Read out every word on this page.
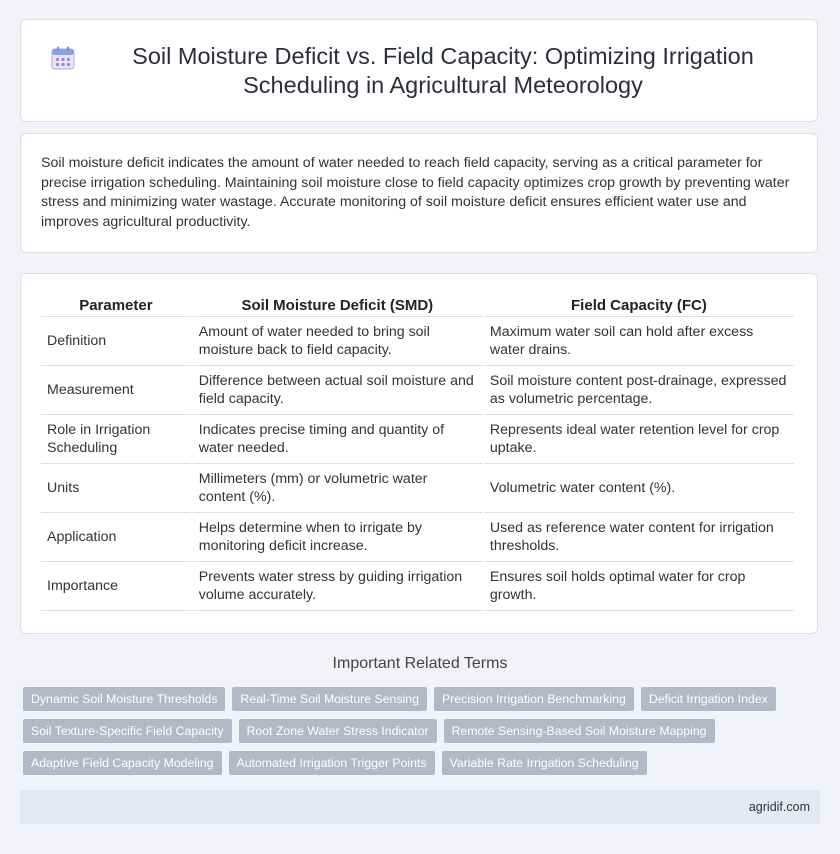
Soil Moisture Deficit vs. Field Capacity: Optimizing Irrigation Scheduling in Agricultural Meteorology

Soil moisture deficit indicates the amount of water needed to reach field capacity, serving as a critical parameter for precise irrigation scheduling. Maintaining soil moisture close to field capacity optimizes crop growth by preventing water stress and minimizing water wastage. Accurate monitoring of soil moisture deficit ensures efficient water use and improves agricultural productivity.

Parameter	Soil Moisture Deficit (SMD)	Field Capacity (FC)
Definition	Amount of water needed to bring soil moisture back to field capacity.	Maximum water soil can hold after excess water drains.
Measurement	Difference between actual soil moisture and field capacity.	Soil moisture content post-drainage, expressed as volumetric percentage.
Role in Irrigation Scheduling	Indicates precise timing and quantity of water needed.	Represents ideal water retention level for crop uptake.
Units	Millimeters (mm) or volumetric water content (%).	Volumetric water content (%).
Application	Helps determine when to irrigate by monitoring deficit increase.	Used as reference water content for irrigation thresholds.
Importance	Prevents water stress by guiding irrigation volume accurately.	Ensures soil holds optimal water for crop growth.
Important Related Terms
Dynamic Soil Moisture Thresholds	Real-Time Soil Moisture Sensing	Precision Irrigation Benchmarking	Deficit Irrigation Index
Soil Texture-Specific Field Capacity	Root Zone Water Stress Indicator	Remote Sensing-Based Soil Moisture Mapping
Adaptive Field Capacity Modeling	Automated Irrigation Trigger Points	Variable Rate Irrigation Scheduling
agridif.com
